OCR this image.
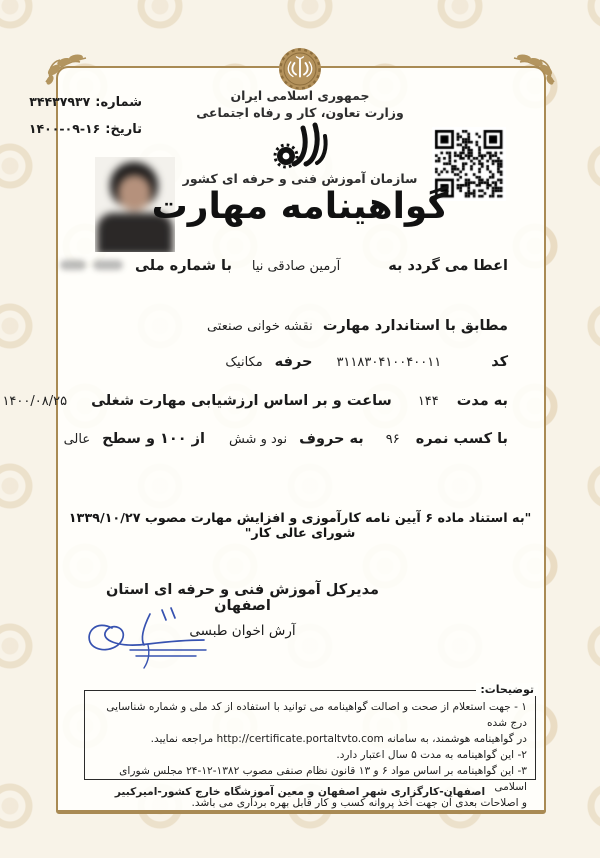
شماره:
۳۴۴۳۷۹۳۷
تاریخ:
۱۴۰۰-۰۹-۱۶
جمهوری اسلامی ایران
وزارت تعاون، کار و رفاه اجتماعی
سازمان آموزش فنی و حرفه ای کشور
گواهینامه مهارت
اعطا می گردد به
آرمین صادقی نیا
با شماره ملی
مطابق با استاندارد مهارت
نقشه خوانی صنعتی
کد
۳۱۱۸۳۰۴۱۰۰۴۰۰۱۱
حرفه
مکانیک
به مدت
۱۴۴
ساعت و بر اساس ارزشیابی مهارت شغلی
۱۴۰۰/۰۸/۲۵
با کسب نمره
۹۶
به حروف
نود و شش
از ۱۰۰ و سطح
عالی
"به استناد ماده ۶ آیین نامه کارآموزی و افزایش مهارت مصوب ۱۳۳۹/۱۰/۲۷ شورای عالی کار"
مدیرکل آموزش فنی و حرفه ای استان اصفهان
آرش اخوان طبسی
۱ - جهت استعلام از صحت و اصالت گواهینامه می توانید با استفاده از کد ملی و شماره شناسایی درج شده
در گواهینامه هوشمند، به سامانه http://certificate.portaltvto.com مراجعه نمایید.
۲- این گواهینامه به مدت ۵ سال اعتبار دارد.
۳- این گواهینامه بر اساس مواد ۶ و ۱۳ قانون نظام صنفی مصوب ۱۳۸۲-۱۲-۲۴ مجلس شورای اسلامی
و اصلاحات بعدی آن جهت اخذ پروانه کسب و کار قابل بهره برداری می باشد.
توضیحات:
اصفهان-کارگزاری شهر اصفهان و معین آموزشگاه خارج کشور-امیرکبیر
